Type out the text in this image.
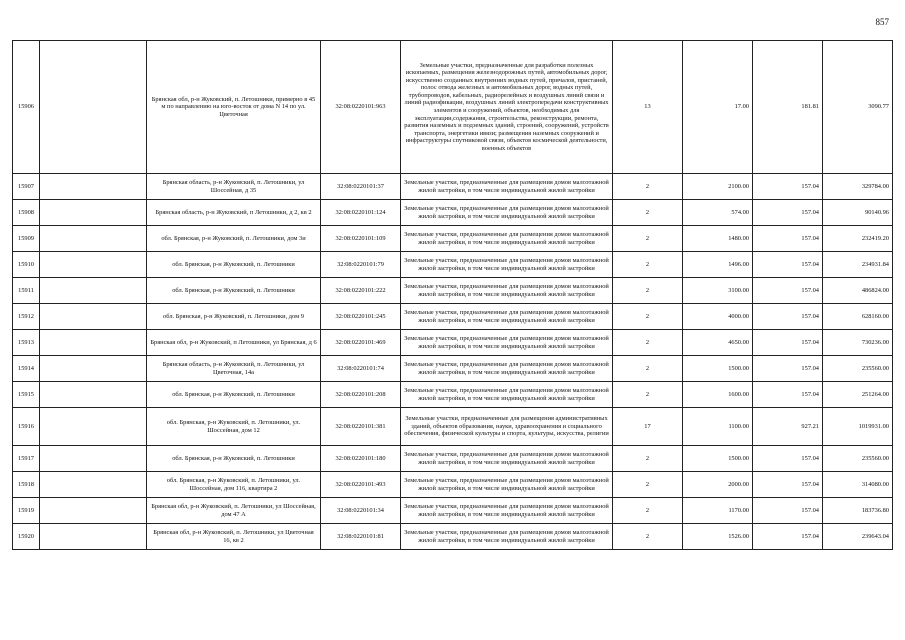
857
15906		Брянская обл, р-н Жуковский, п. Летошники, примерно в 45 м по направлению на юго-восток от дома N 14 по ул. Цветочная	32:08:0220101:963	Земельные участки, предназначенные для разработки полезных ископаемых, размещения железнодорожных путей, автомобильных дорог, искусственно созданных внутренних водных путей, причалов, пристаней, полос отвода железных и автомобильных дорог, водных путей, трубопроводов, кабельных, радиорелейных и воздушных линий связи и линий радиофикации, воздушных линий электропередачи конструктивных элементов и сооружений, объектов, необходимых для эксплуатации,содержания, строительства, реконструкции, ремонта, развития наземных и подземных зданий, строений, сооружений, устройств транспорта, энергетики ивязи; размещения наземных сооружений и инфраструктуры спутниковой связи, объектов космической деятельности, военных объектов	13	17.00	181.81	3090.77
15907		Брянская область, р-н Жуковский, п. Летошники, ул Шоссейная, д 35	32:08:0220101:37	Земельные участки, предназначенные для размещения домов малоэтажной жилой застройки, в том числе индивидуальной жилой застройки	2	2100.00	157.04	329784.00
15908		Брянская область, р-н Жуковский, п Летошники, д 2, кв 2	32:08:0220101:124	Земельные участки, предназначенные для размещения домов малоэтажной жилой застройки, в том числе индивидуальной жилой застройки	2	574.00	157.04	90140.96
15909		обл. Брянская, р-н Жуковский, п. Летошники, дом 3и	32:08:0220101:109	Земельные участки, предназначенные для размещения домов малоэтажной жилой застройки, в том числе индивидуальной жилой застройки	2	1480.00	157.04	232419.20
15910		обл. Брянская, р-н Жуковский, п. Летошники	32:08:0220101:79	Земельные участки, предназначенные для размещения домов малоэтажной жилой застройки, в том числе индивидуальной жилой застройки	2	1496.00	157.04	234931.84
15911		обл. Брянская, р-н Жуковский, п. Летошники	32:08:0220101:222	Земельные участки, предназначенные для размещения домов малоэтажной жилой застройки, в том числе индивидуальной жилой застройки	2	3100.00	157.04	486824.00
15912		обл. Брянская, р-н Жуковский, п. Летошники, дом 9	32:08:0220101:245	Земельные участки, предназначенные для размещения домов малоэтажной жилой застройки, в том числе индивидуальной жилой застройки	2	4000.00	157.04	628160.00
15913		Брянская обл, р-н Жуковский, п Летошники, ул Брянская, д 6	32:08:0220101:469	Земельные участки, предназначенные для размещения домов малоэтажной жилой застройки, в том числе индивидуальной жилой застройки	2	4650.00	157.04	730236.00
15914		Брянская область, р-н Жуковский, п. Летошники, ул Цветочная, 14а	32:08:0220101:74	Земельные участки, предназначенные для размещения домов малоэтажной жилой застройки, в том числе индивидуальной жилой застройки	2	1500.00	157.04	235560.00
15915		обл. Брянская, р-н Жуковский, п. Летошники	32:08:0220101:208	Земельные участки, предназначенные для размещения домов малоэтажной жилой застройки, в том числе индивидуальной жилой застройки	2	1600.00	157.04	251264.00
15916		обл. Брянская, р-н Жуковский, п. Летошники, ул. Шоссейная, дом 12	32:08:0220101:381	Земельные участки, предназначенные для размещения административных зданий, объектов образования, науки, здравоохранения и социального обеспечения, физической культуры и спорта, культуры, искусства, религии	17	1100.00	927.21	1019931.00
15917		обл. Брянская, р-н Жуковский, п. Летошники	32:08:0220101:180	Земельные участки, предназначенные для размещения домов малоэтажной жилой застройки, в том числе индивидуальной жилой застройки	2	1500.00	157.04	235560.00
15918		обл. Брянская, р-н Жуковский, п. Летошники, ул. Шоссейная, дом 116, квартира 2	32:08:0220101:493	Земельные участки, предназначенные для размещения домов малоэтажной жилой застройки, в том числе индивидуальной жилой застройки	2	2000.00	157.04	314080.00
15919		Брянская обл, р-н Жуковский, п. Летошники, ул Шоссейная, дом 47 А	32:08:0220101:34	Земельные участки, предназначенные для размещения домов малоэтажной жилой застройки, в том числе индивидуальной жилой застройки	2	1170.00	157.04	183736.80
15920		Брянская обл, р-н Жуковский, п. Летошники, ул Цветочная 16, кв 2	32:08:0220101:81	Земельные участки, предназначенные для размещения домов малоэтажной жилой застройки, в том числе индивидуальной жилой застройки	2	1526.00	157.04	239643.04
